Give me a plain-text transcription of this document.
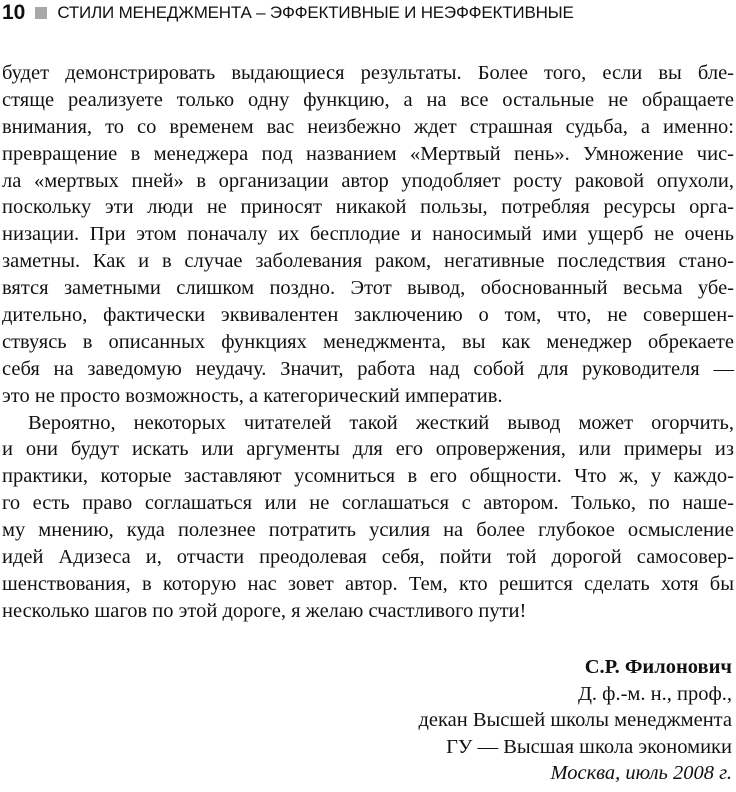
10 СТИЛИ МЕНЕДЖМЕНТА – ЭФФЕКТИВНЫЕ И НЕЭФФЕКТИВНЫЕ
будет демонстрировать выдающиеся результаты. Более того, если вы бле-
стяще реализуете только одну функцию, а на все остальные не обращаете
внимания, то со временем вас неизбежно ждет страшная судьба, а именно:
превращение в менеджера под названием «Мертвый пень». Умножение чис-
ла «мертвых пней» в организации автор уподобляет росту раковой опухоли,
поскольку эти люди не приносят никакой пользы, потребляя ресурсы орга-
низации. При этом поначалу их бесплодие и наносимый ими ущерб не очень
заметны. Как и в случае заболевания раком, негативные последствия стано-
вятся заметными слишком поздно. Этот вывод, обоснованный весьма убе-
дительно, фактически эквивалентен заключению о том, что, не совершен-
ствуясь в описанных функциях менеджмента, вы как менеджер обрекаете
себя на заведомую неудачу. Значит, работа над собой для руководителя —
это не просто возможность, а категорический императив.
Вероятно, некоторых читателей такой жесткий вывод может огорчить,
и они будут искать или аргументы для его опровержения, или примеры из
практики, которые заставляют усомниться в его общности. Что ж, у каждо-
го есть право соглашаться или не соглашаться с автором. Только, по наше-
му мнению, куда полезнее потратить усилия на более глубокое осмысление
идей Адизеса и, отчасти преодолевая себя, пойти той дорогой самосовер-
шенствования, в которую нас зовет автор. Тем, кто решится сделать хотя бы
несколько шагов по этой дороге, я желаю счастливого пути!
С.Р. Филонович
Д. ф.-м. н., проф.,
декан Высшей школы менеджмента
ГУ — Высшая школа экономики
Москва, июль 2008 г.
